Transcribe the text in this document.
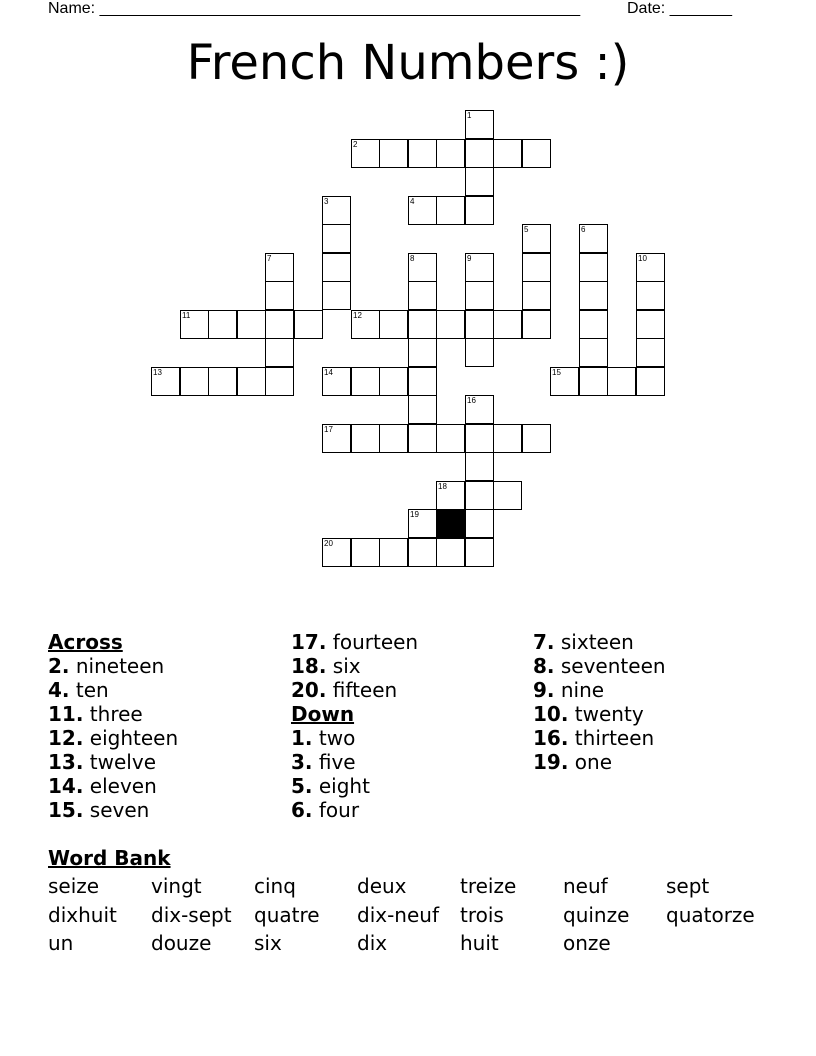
Name: ______________________________________________________	Date: _______
French Numbers :)
1
2
3	4
5	6
7	8	9	10
11	12
13	14	15
16
17
18
19
20
Across
2. nineteen
4. ten
11. three
12. eighteen
13. twelve
14. eleven
15. seven
17. fourteen
18. six
20. fifteen
Down
1. two
3. five
5. eight
6. four
7. sixteen
8. seventeen
9. nine
10. twenty
16. thirteen
19. one
Word Bank
seize	vingt	cinq	deux	treize neuf	sept
dixhuit dix-sept quatre dix-neuf trois	quinze quatorze
un	douze six	dix	huit	onze
